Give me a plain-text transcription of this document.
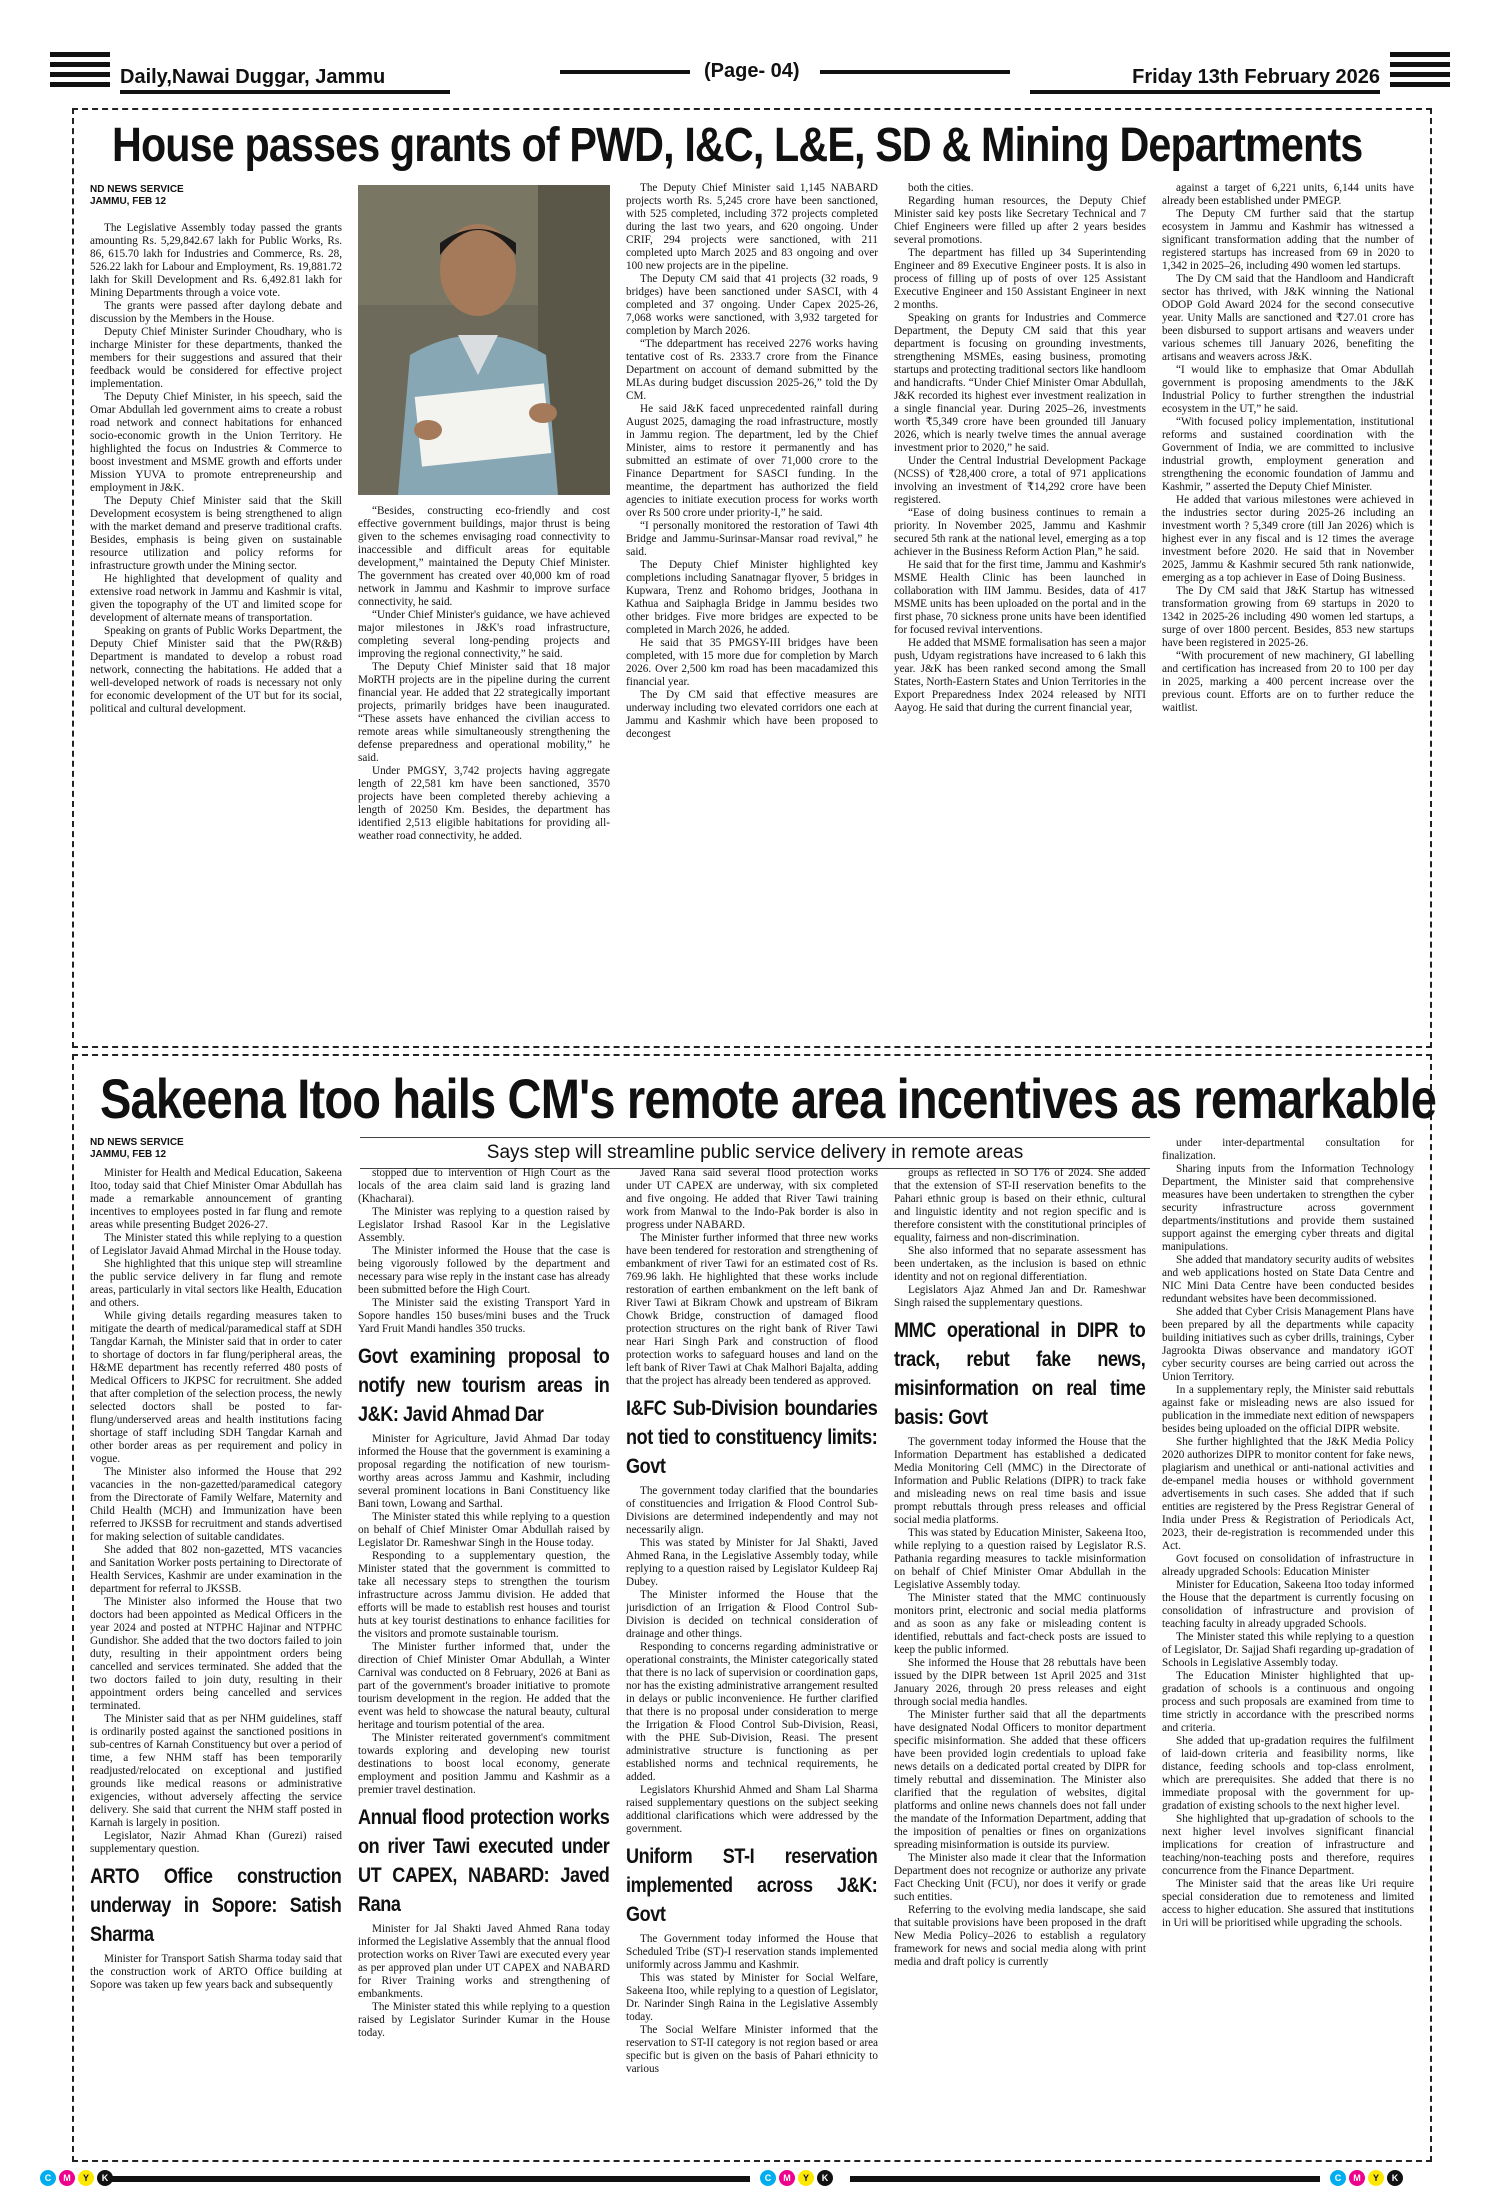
Daily,Nawai Duggar, Jammu	(Page- 04)	Friday 13th February 2026
House passes grants of PWD, I&C, L&E, SD & Mining Departments
ND NEWS SERVICE
JAMMU, FEB 12

The Legislative Assembly today passed the grants amounting Rs. 5,29,842.67 lakh for Public Works, Rs. 86, 615.70 lakh for Industries and Commerce, Rs. 28, 526.22 lakh for Labour and Employment, Rs. 19,881.72 lakh for Skill Development and Rs. 6,492.81 lakh for Mining Departments through a voice vote.

The grants were passed after daylong debate and discussion by the Members in the House.

Deputy Chief Minister Surinder Choudhary, who is incharge Minister for these departments, thanked the members for their suggestions and assured that their feedback would be considered for effective project implementation.

The Deputy Chief Minister, in his speech, said the Omar Abdullah led government aims to create a robust road network and connect habitations for enhanced socio-economic growth in the Union Territory. He highlighted the focus on Industries & Commerce to boost investment and MSME growth and efforts under Mission YUVA to promote entrepreneurship and employment in J&K.

The Deputy Chief Minister said that the Skill Development ecosystem is being strengthened to align with the market demand and preserve traditional crafts. Besides, emphasis is being given on sustainable resource utilization and policy reforms for infrastructure growth under the Mining sector.

He highlighted that development of quality and extensive road network in Jammu and Kashmir is vital, given the topography of the UT and limited scope for development of alternate means of transportation.

Speaking on grants of Public Works Department, the Deputy Chief Minister said that the PW(R&B) Department is mandated to develop a robust road network, connecting the habitations. He added that a well-developed network of roads is necessary not only for economic development of the UT but for its social, political and cultural development.

“Besides, constructing eco-friendly and cost effective government buildings, major thrust is being given to the schemes envisaging road connectivity to inaccessible and difficult areas for equitable development,” maintained the Deputy Chief Minister. The government has created over 40,000 km of road network in Jammu and Kashmir to improve surface connectivity, he said.

“Under Chief Minister's guidance, we have achieved major milestones in J&K's road infrastructure, completing several long-pending projects and improving the regional connectivity,” he said.

The Deputy Chief Minister said that 18 major MoRTH projects are in the pipeline during the current financial year. He added that 22 strategically important projects, primarily bridges have been inaugurated. “These assets have enhanced the civilian access to remote areas while simultaneously strengthening the defense preparedness and operational mobility,” he said.

Under PMGSY, 3,742 projects having aggregate length of 22,581 km have been sanctioned, 3570 projects have been completed thereby achieving a length of 20250 Km. Besides, the department has identified 2,513 eligible habitations for providing all-weather road connectivity, he added.

The Deputy Chief Minister said 1,145 NABARD projects worth Rs. 5,245 crore have been sanctioned, with 525 completed, including 372 projects completed during the last two years, and 620 ongoing. Under CRIF, 294 projects were sanctioned, with 211 completed upto March 2025 and 83 ongoing and over 100 new projects are in the pipeline.

The Deputy CM said that 41 projects (32 roads, 9 bridges) have been sanctioned under SASCI, with 4 completed and 37 ongoing. Under Capex 2025-26, 7,068 works were sanctioned, with 3,932 targeted for completion by March 2026.

“The ddepartment has received 2276 works having tentative cost of Rs. 2333.7 crore from the Finance Department on account of demand submitted by the MLAs during budget discussion 2025-26,” told the Dy CM.

He said J&K faced unprecedented rainfall during August 2025, damaging the road infrastructure, mostly in Jammu region. The department, led by the Chief Minister, aims to restore it permanently and has submitted an estimate of over 71,000 crore to the Finance Department for SASCI funding. In the meantime, the department has authorized the field agencies to initiate execution process for works worth over Rs 500 crore under priority-I,” he said.

“I personally monitored the restoration of Tawi 4th Bridge and Jammu-Surinsar-Mansar road revival,” he said.

The Deputy Chief Minister highlighted key completions including Sanatnagar flyover, 5 bridges in Kupwara, Trenz and Rohomo bridges, Joothana in Kathua and Saiphagla Bridge in Jammu besides two other bridges. Five more bridges are expected to be completed in March 2026, he added.

He said that 35 PMGSY-III bridges have been completed, with 15 more due for completion by March 2026. Over 2,500 km road has been macadamized this financial year.

The Dy CM said that effective measures are underway including two elevated corridors one each at Jammu and Kashmir which have been proposed to decongest

both the cities.

Regarding human resources, the Deputy Chief Minister said key posts like Secretary Technical and 7 Chief Engineers were filled up after 2 years besides several promotions.

The department has filled up 34 Superintending Engineer and 89 Executive Engineer posts. It is also in process of filling up of posts of over 125 Assistant Executive Engineer and 150 Assistant Engineer in next 2 months.

Speaking on grants for Industries and Commerce Department, the Deputy CM said that this year department is focusing on grounding investments, strengthening MSMEs, easing business, promoting startups and protecting traditional sectors like handloom and handicrafts. “Under Chief Minister Omar Abdullah, J&K recorded its highest ever investment realization in a single financial year. During 2025–26, investments worth ₹5,349 crore have been grounded till January 2026, which is nearly twelve times the annual average investment prior to 2020,” he said.

Under the Central Industrial Development Package (NCSS) of ₹28,400 crore, a total of 971 applications involving an investment of ₹14,292 crore have been registered.

“Ease of doing business continues to remain a priority. In November 2025, Jammu and Kashmir secured 5th rank at the national level, emerging as a top achiever in the Business Reform Action Plan,” he said.

He said that for the first time, Jammu and Kashmir's MSME Health Clinic has been launched in collaboration with IIM Jammu. Besides, data of 417 MSME units has been uploaded on the portal and in the first phase, 70 sickness prone units have been identified for focused revival interventions.

He added that MSME formalisation has seen a major push, Udyam registrations have increased to 6 lakh this year. J&K has been ranked second among the Small States, North-Eastern States and Union Territories in the Export Preparedness Index 2024 released by NITI Aayog. He said that during the current financial year,

against a target of 6,221 units, 6,144 units have already been established under PMEGP.

The Deputy CM further said that the startup ecosystem in Jammu and Kashmir has witnessed a significant transformation adding that the number of registered startups has increased from 69 in 2020 to 1,342 in 2025–26, including 490 women led startups.

The Dy CM said that the Handloom and Handicraft sector has thrived, with J&K winning the National ODOP Gold Award 2024 for the second consecutive year. Unity Malls are sanctioned and ₹27.01 crore has been disbursed to support artisans and weavers under various schemes till January 2026, benefiting the artisans and weavers across J&K.

“I would like to emphasize that Omar Abdullah government is proposing amendments to the J&K Industrial Policy to further strengthen the industrial ecosystem in the UT,” he said.

“With focused policy implementation, institutional reforms and sustained coordination with the Government of India, we are committed to inclusive industrial growth, employment generation and strengthening the economic foundation of Jammu and Kashmir, ” asserted the Deputy Chief Minister.

He added that various milestones were achieved in the industries sector during 2025-26 including an investment worth ? 5,349 crore (till Jan 2026) which is highest ever in any fiscal and is 12 times the average investment before 2020. He said that in November 2025, Jammu & Kashmir secured 5th rank nationwide, emerging as a top achiever in Ease of Doing Business.

The Dy CM said that J&K Startup has witnessed transformation growing from 69 startups in 2020 to 1342 in 2025-26 including 490 women led startups, a surge of over 1800 percent. Besides, 853 new startups have been registered in 2025-26.

“With procurement of new machinery, GI labelling and certification has increased from 20 to 100 per day in 2025, marking a 400 percent increase over the previous count. Efforts are on to further reduce the waitlist.

Sakeena Itoo hails CM's remote area incentives as remarkable
ND NEWS SERVICE
JAMMU, FEB 12	Says step will streamline public service delivery in remote areas

Minister for Health and Medical Education, Sakeena Itoo, today said that Chief Minister Omar Abdullah has made a remarkable announcement of granting incentives to employees posted in far flung and remote areas while presenting Budget 2026-27.

The Minister stated this while replying to a question of Legislator Javaid Ahmad Mirchal in the House today.

She highlighted that this unique step will streamline the public service delivery in far flung and remote areas, particularly in vital sectors like Health, Education and others.

While giving details regarding measures taken to mitigate the dearth of medical/paramedical staff at SDH Tangdar Karnah, the Minister said that in order to cater to shortage of doctors in far flung/peripheral areas, the H&ME department has recently referred 480 posts of Medical Officers to JKPSC for recruitment. She added that after completion of the selection process, the newly selected doctors shall be posted to far-flung/underserved areas and health institutions facing shortage of staff including SDH Tangdar Karnah and other border areas as per requirement and policy in vogue.

The Minister also informed the House that 292 vacancies in the non-gazetted/paramedical category from the Directorate of Family Welfare, Maternity and Child Health (MCH) and Immunization have been referred to JKSSB for recruitment and stands advertised for making selection of suitable candidates.

She added that 802 non-gazetted, MTS vacancies and Sanitation Worker posts pertaining to Directorate of Health Services, Kashmir are under examination in the department for referral to JKSSB.

The Minister also informed the House that two doctors had been appointed as Medical Officers in the year 2024 and posted at NTPHC Hajinar and NTPHC Gundishor. She added that the two doctors failed to join duty, resulting in their appointment orders being cancelled and services terminated. She added that the two doctors failed to join duty, resulting in their appointment orders being cancelled and services terminated.

The Minister said that as per NHM guidelines, staff is ordinarily posted against the sanctioned positions in sub-centres of Karnah Constituency but over a period of time, a few NHM staff has been temporarily readjusted/relocated on exceptional and justified grounds like medical reasons or administrative exigencies, without adversely affecting the service delivery. She said that current the NHM staff posted in Karnah is largely in position.

Legislator, Nazir Ahmad Khan (Gurezi) raised supplementary question.

ARTO Office construction underway in Sopore: Satish Sharma

Minister for Transport Satish Sharma today said that the construction work of ARTO Office building at Sopore was taken up few years back and subsequently

stopped due to intervention of High Court as the locals of the area claim said land is grazing land (Khacharai).

The Minister was replying to a question raised by Legislator Irshad Rasool Kar in the Legislative Assembly.

The Minister informed the House that the case is being vigorously followed by the department and necessary para wise reply in the instant case has already been submitted before the High Court.

The Minister said the existing Transport Yard in Sopore handles 150 buses/mini buses and the Truck Yard Fruit Mandi handles 350 trucks.

Govt examining proposal to notify new tourism areas in J&K: Javid Ahmad Dar

Minister for Agriculture, Javid Ahmad Dar today informed the House that the government is examining a proposal regarding the notification of new tourism-worthy areas across Jammu and Kashmir, including several prominent locations in Bani Constituency like Bani town, Lowang and Sarthal.

The Minister stated this while replying to a question on behalf of Chief Minister Omar Abdullah raised by Legislator Dr. Rameshwar Singh in the House today.

Responding to a supplementary question, the Minister stated that the government is committed to take all necessary steps to strengthen the tourism infrastructure across Jammu division. He added that efforts will be made to establish rest houses and tourist huts at key tourist destinations to enhance facilities for the visitors and promote sustainable tourism.

The Minister further informed that, under the direction of Chief Minister Omar Abdullah, a Winter Carnival was conducted on 8 February, 2026 at Bani as part of the government's broader initiative to promote tourism development in the region. He added that the event was held to showcase the natural beauty, cultural heritage and tourism potential of the area.

The Minister reiterated government's commitment towards exploring and developing new tourist destinations to boost local economy, generate employment and position Jammu and Kashmir as a premier travel destination.

Annual flood protection works on river Tawi executed under UT CAPEX, NABARD: Javed Rana

Minister for Jal Shakti Javed Ahmed Rana today informed the Legislative Assembly that the annual flood protection works on River Tawi are executed every year as per approved plan under UT CAPEX and NABARD for River Training works and strengthening of embankments.

The Minister stated this while replying to a question raised by Legislator Surinder Kumar in the House today.

Javed Rana said several flood protection works under UT CAPEX are underway, with six completed and five ongoing. He added that River Tawi training work from Manwal to the Indo-Pak border is also in progress under NABARD.

The Minister further informed that three new works have been tendered for restoration and strengthening of embankment of river Tawi for an estimated cost of Rs. 769.96 lakh. He highlighted that these works include restoration of earthen embankment on the left bank of River Tawi at Bikram Chowk and upstream of Bikram Chowk Bridge, construction of damaged flood protection structures on the right bank of River Tawi near Hari Singh Park and construction of flood protection works to safeguard houses and land on the left bank of River Tawi at Chak Malhori Bajalta, adding that the project has already been tendered as approved.

I&FC Sub-Division boundaries not tied to constituency limits: Govt

The government today clarified that the boundaries of constituencies and Irrigation & Flood Control Sub-Divisions are determined independently and may not necessarily align.

This was stated by Minister for Jal Shakti, Javed Ahmed Rana, in the Legislative Assembly today, while replying to a question raised by Legislator Kuldeep Raj Dubey.

The Minister informed the House that the jurisdiction of an Irrigation & Flood Control Sub-Division is decided on technical consideration of drainage and other things.

Responding to concerns regarding administrative or operational constraints, the Minister categorically stated that there is no lack of supervision or coordination gaps, nor has the existing administrative arrangement resulted in delays or public inconvenience. He further clarified that there is no proposal under consideration to merge the Irrigation & Flood Control Sub-Division, Reasi, with the PHE Sub-Division, Reasi. The present administrative structure is functioning as per established norms and technical requirements, he added.

Legislators Khurshid Ahmed and Sham Lal Sharma raised supplementary questions on the subject seeking additional clarifications which were addressed by the government.

Uniform ST-I reservation implemented across J&K: Govt

The Government today informed the House that Scheduled Tribe (ST)-I reservation stands implemented uniformly across Jammu and Kashmir.

This was stated by Minister for Social Welfare, Sakeena Itoo, while replying to a question of Legislator, Dr. Narinder Singh Raina in the Legislative Assembly today.

The Social Welfare Minister informed that the reservation to ST-II category is not region based or area specific but is given on the basis of Pahari ethnicity to various

groups as reflected in SO 176 of 2024. She added that the extension of ST-II reservation benefits to the Pahari ethnic group is based on their ethnic, cultural and linguistic identity and not region specific and is therefore consistent with the constitutional principles of equality, fairness and non-discrimination.

She also informed that no separate assessment has been undertaken, as the inclusion is based on ethnic identity and not on regional differentiation.

Legislators Ajaz Ahmed Jan and Dr. Rameshwar Singh raised the supplementary questions.

MMC operational in DIPR to track, rebut fake news, misinformation on real time basis: Govt

The government today informed the House that the Information Department has established a dedicated Media Monitoring Cell (MMC) in the Directorate of Information and Public Relations (DIPR) to track fake and misleading news on real time basis and issue prompt rebuttals through press releases and official social media platforms.

This was stated by Education Minister, Sakeena Itoo, while replying to a question raised by Legislator R.S. Pathania regarding measures to tackle misinformation on behalf of Chief Minister Omar Abdullah in the Legislative Assembly today.

The Minister stated that the MMC continuously monitors print, electronic and social media platforms and as soon as any fake or misleading content is identified, rebuttals and fact-check posts are issued to keep the public informed.

She informed the House that 28 rebuttals have been issued by the DIPR between 1st April 2025 and 31st January 2026, through 20 press releases and eight through social media handles.

The Minister further said that all the departments have designated Nodal Officers to monitor department specific misinformation. She added that these officers have been provided login credentials to upload fake news details on a dedicated portal created by DIPR for timely rebuttal and dissemination. The Minister also clarified that the regulation of websites, digital platforms and online news channels does not fall under the mandate of the Information Department, adding that the imposition of penalties or fines on organizations spreading misinformation is outside its purview.

The Minister also made it clear that the Information Department does not recognize or authorize any private Fact Checking Unit (FCU), nor does it verify or grade such entities.

Referring to the evolving media landscape, she said that suitable provisions have been proposed in the draft New Media Policy–2026 to establish a regulatory framework for news and social media along with print media and draft policy is currently

under inter-departmental consultation for finalization.

Sharing inputs from the Information Technology Department, the Minister said that comprehensive measures have been undertaken to strengthen the cyber security infrastructure across government departments/institutions and provide them sustained support against the emerging cyber threats and digital manipulations.

She added that mandatory security audits of websites and web applications hosted on State Data Centre and NIC Mini Data Centre have been conducted besides redundant websites have been decommissioned.

She added that Cyber Crisis Management Plans have been prepared by all the departments while capacity building initiatives such as cyber drills, trainings, Cyber Jagrookta Diwas observance and mandatory iGOT cyber security courses are being carried out across the Union Territory.

In a supplementary reply, the Minister said rebuttals against fake or misleading news are also issued for publication in the immediate next edition of newspapers besides being uploaded on the official DIPR website.

She further highlighted that the J&K Media Policy 2020 authorizes DIPR to monitor content for fake news, plagiarism and unethical or anti-national activities and de-empanel media houses or withhold government advertisements in such cases. She added that if such entities are registered by the Press Registrar General of India under Press & Registration of Periodicals Act, 2023, their de-registration is recommended under this Act.

Govt focused on consolidation of infrastructure in already upgraded Schools: Education Minister

Minister for Education, Sakeena Itoo today informed the House that the department is currently focusing on consolidation of infrastructure and provision of teaching faculty in already upgraded Schools.

The Minister stated this while replying to a question of Legislator, Dr. Sajjad Shafi regarding up-gradation of Schools in Legislative Assembly today.

The Education Minister highlighted that up-gradation of schools is a continuous and ongoing process and such proposals are examined from time to time strictly in accordance with the prescribed norms and criteria.

She added that up-gradation requires the fulfilment of laid-down criteria and feasibility norms, like distance, feeding schools and top-class enrolment, which are prerequisites. She added that there is no immediate proposal with the government for up-gradation of existing schools to the next higher level.

She highlighted that up-gradation of schools to the next higher level involves significant financial implications for creation of infrastructure and teaching/non-teaching posts and therefore, requires concurrence from the Finance Department.

The Minister said that the areas like Uri require special consideration due to remoteness and limited access to higher education. She assured that institutions in Uri will be prioritised while upgrading the schools.

C	M	Y	K	C	M	Y	K	C	M	Y	K
